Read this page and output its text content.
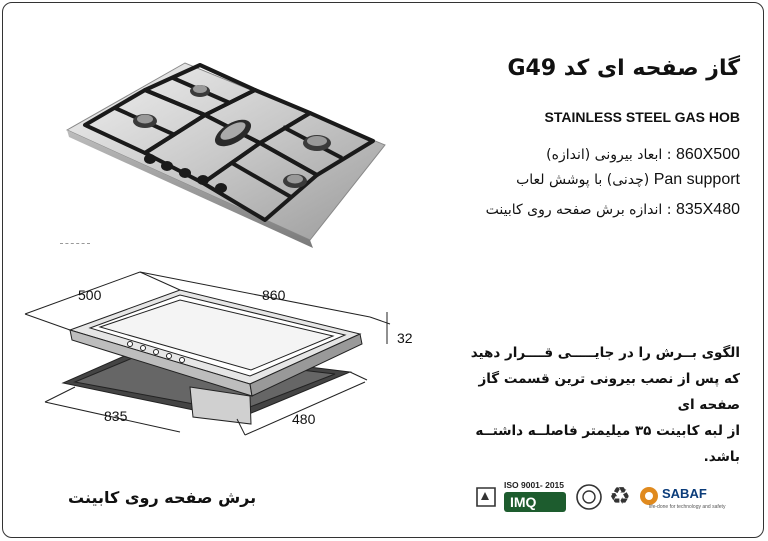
گاز صفحه ای کد G49
STAINLESS STEEL GAS HOB
: ابعاد بیرونی (اندازه) 860X500
(چدنی) با پوشش لعاب Pan support
: اندازه برش صفحه روی کابینت 835X480
500	860
32
835	480
الگوی بــرش را در جایـــــی قــــرار دهید
که پس از نصب بیرونی ترین قسمت گاز صفحه ای
از لبه کابینت ۳۵ میلیمتر فاصلــه داشتــه باشد.
برش صفحه روی کابینت
ISO 9001- 2015
IMQ	♻ SABAF
life-done for technology and safety
